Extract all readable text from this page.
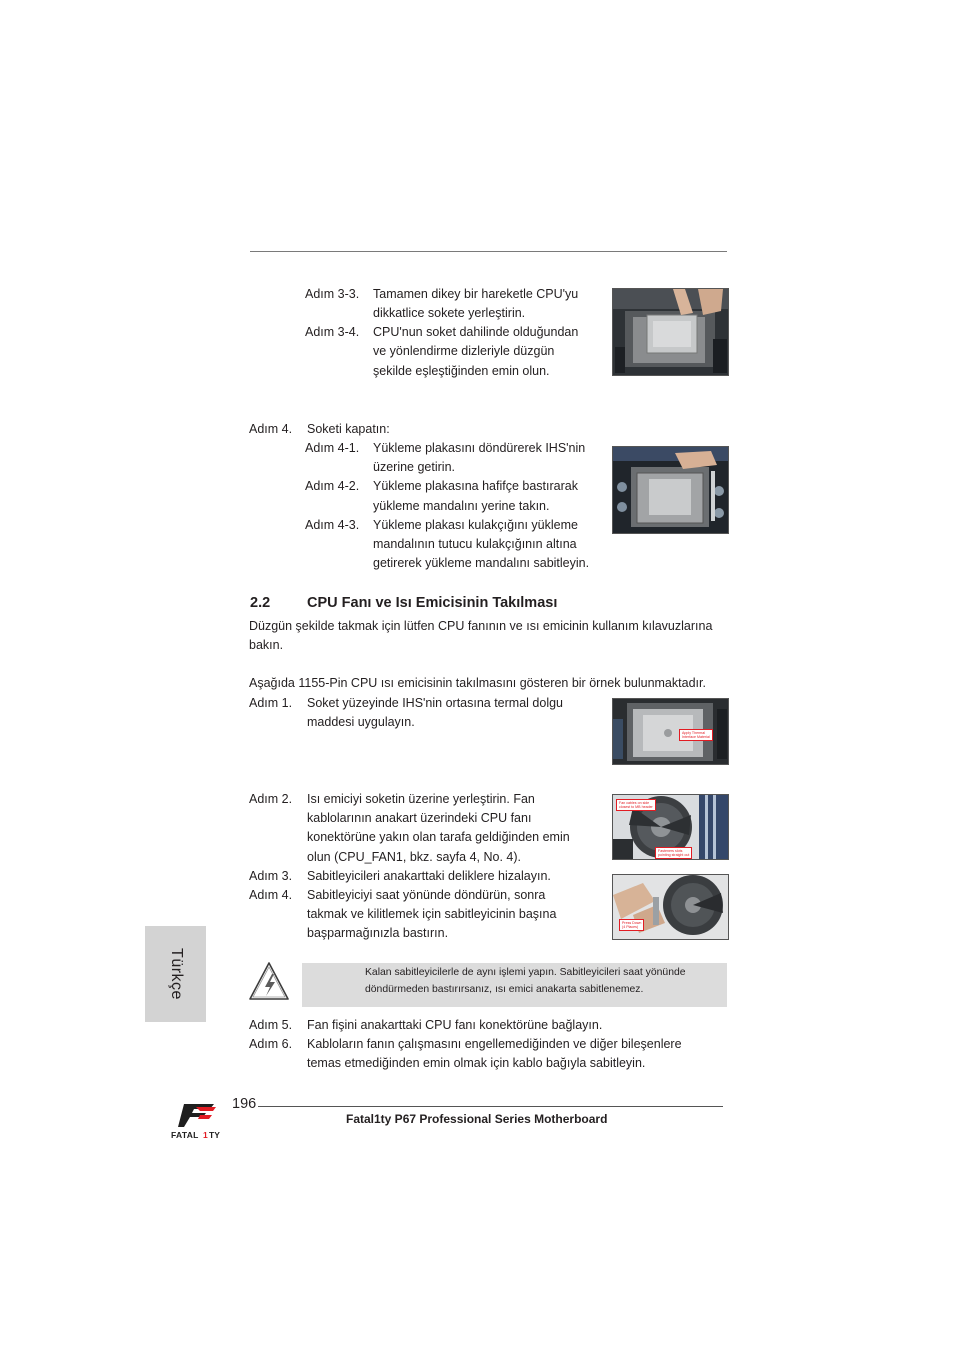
Adım 3-3. Tamamen dikey bir hareketle CPU'yu
dikkatlice sokete yerleştirin.
Adım 3-4. CPU'nun soket dahilinde olduğundan
ve yönlendirme dizleriyle düzgün
şekilde eşleştiğinden emin olun.
Adım 4. Soketi kapatın:
Adım 4-1. Yükleme plakasını döndürerek IHS'nin
üzerine getirin.
Adım 4-2. Yükleme plakasına hafifçe bastırarak
yükleme mandalını yerine takın.
Adım 4-3. Yükleme plakası kulakçığını yükleme
mandalının tutucu kulakçığının altına
getirerek yükleme mandalını sabitleyin.
2.2	CPU Fanı ve Isı Emicisinin Takılması
Düzgün şekilde takmak için lütfen CPU fanının ve ısı emicinin kullanım kılavuzlarına
bakın.
Aşağıda 1155-Pin CPU ısı emicisinin takılmasını gösteren bir örnek bulunmaktadır.
Adım 1. Soket yüzeyinde IHS'nin ortasına termal dolgu
maddesi uygulayın.
Apply Thermal
Interface Material
Adım 2. Isı emiciyi soketin üzerine yerleştirin. Fan
kablolarının anakart üzerindeki CPU fanı
konektörüne yakın olan tarafa geldiğinden emin
olun (CPU_FAN1, bkz. sayfa 4, No. 4).
Fan cables on side
closest to MB header
Fasteners slots
pointing straight out
Adım 3. Sabitleyicileri anakarttaki deliklere hizalayın.
Adım 4. Sabitleyiciyi saat yönünde döndürün, sonra
takmak ve kilitlemek için sabitleyicinin başına
başparmağınızla bastırın.
Press Down
(4 Places)
Türkçe	Kalan sabitleyicilerle de aynı işlemi yapın. Sabitleyicileri saat yönünde
döndürmeden bastırırsanız, ısı emici anakarta sabitlenemez.
Adım 5. Fan fişini anakarttaki CPU fanı konektörüne bağlayın.
Adım 6. Kabloların fanın çalışmasını engellemediğinden ve diğer bileşenlere
temas etmediğinden emin olmak için kablo bağıyla sabitleyin.
196
Fatal1ty P67 Professional Series Motherboard
FATAL 1 TY
